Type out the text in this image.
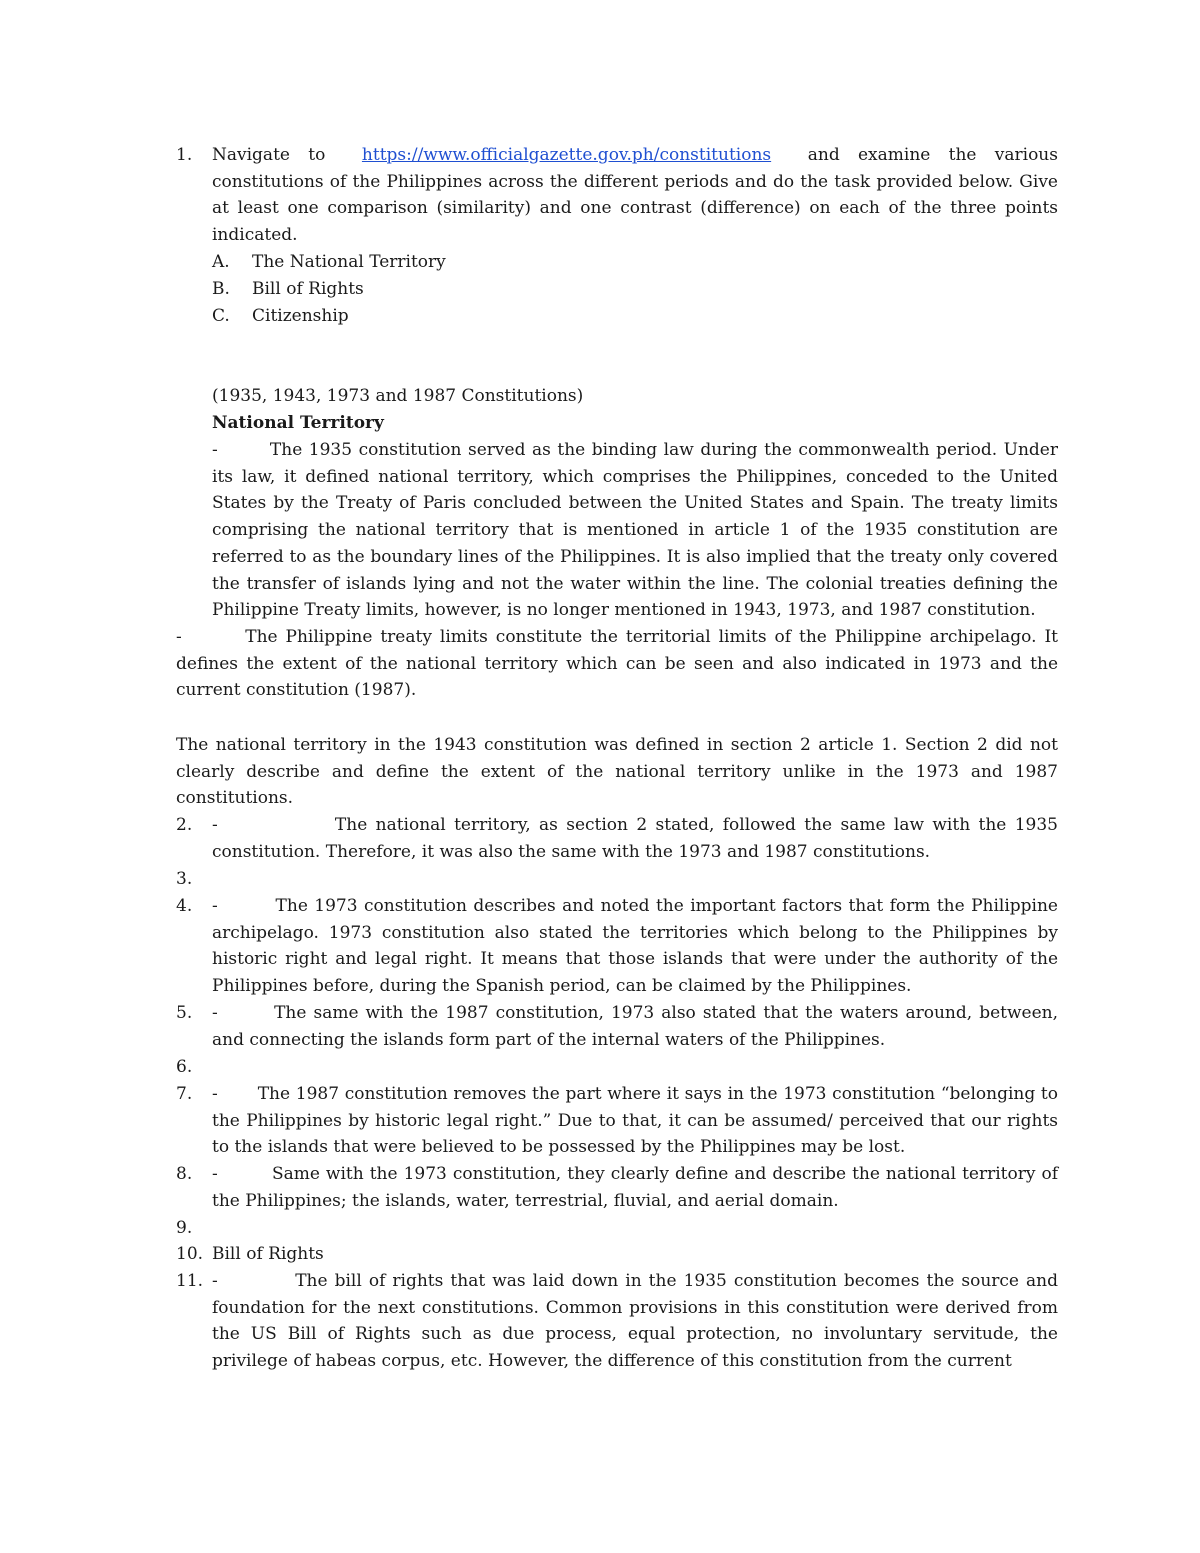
1. Navigate to https://www.officialgazette.gov.ph/constitutions and examine the various constitutions of the Philippines across the different periods and do the task provided below. Give at least one comparison (similarity) and one contrast (difference) on each of the three points indicated.
A. The National Territory
B. Bill of Rights
C. Citizenship
(1935, 1943, 1973 and 1987 Constitutions)
National Territory
-        The 1935 constitution served as the binding law during the commonwealth period. Under its law, it defined national territory, which comprises the Philippines, conceded to the United States by the Treaty of Paris concluded between the United States and Spain. The treaty limits comprising the national territory that is mentioned in article 1 of the 1935 constitution are referred to as the boundary lines of the Philippines. It is also implied that the treaty only covered the transfer of islands lying and not the water within the line. The colonial treaties defining the Philippine Treaty limits, however, is no longer mentioned in 1943, 1973, and 1987 constitution.
-        The Philippine treaty limits constitute the territorial limits of the Philippine archipelago. It defines the extent of the national territory which can be seen and also indicated in 1973 and the current constitution (1987).
The national territory in the 1943 constitution was defined in section 2 article 1. Section 2 did not clearly describe and define the extent of the national territory unlike in the 1973 and 1987 constitutions.
2. -              The national territory, as section 2 stated, followed the same law with the 1935 constitution. Therefore, it was also the same with the 1973 and 1987 constitutions.
3.
4. -         The 1973 constitution describes and noted the important factors that form the Philippine archipelago. 1973 constitution also stated the territories which belong to the Philippines by historic right and legal right. It means that those islands that were under the authority of the Philippines before, during the Spanish period, can be claimed by the Philippines.
5. -        The same with the 1987 constitution, 1973 also stated that the waters around, between, and connecting the islands form part of the internal waters of the Philippines.
6.
7. -       The 1987 constitution removes the part where it says in the 1973 constitution “belonging to the Philippines by historic legal right.” Due to that, it can be assumed/ perceived that our rights to the islands that were believed to be possessed by the Philippines may be lost.
8. -         Same with the 1973 constitution, they clearly define and describe the national territory of the Philippines; the islands, water, terrestrial, fluvial, and aerial domain.
9.
10. Bill of Rights
11. -           The bill of rights that was laid down in the 1935 constitution becomes the source and foundation for the next constitutions. Common provisions in this constitution were derived from the US Bill of Rights such as due process, equal protection, no involuntary servitude, the privilege of habeas corpus, etc. However, the difference of this constitution from the current
